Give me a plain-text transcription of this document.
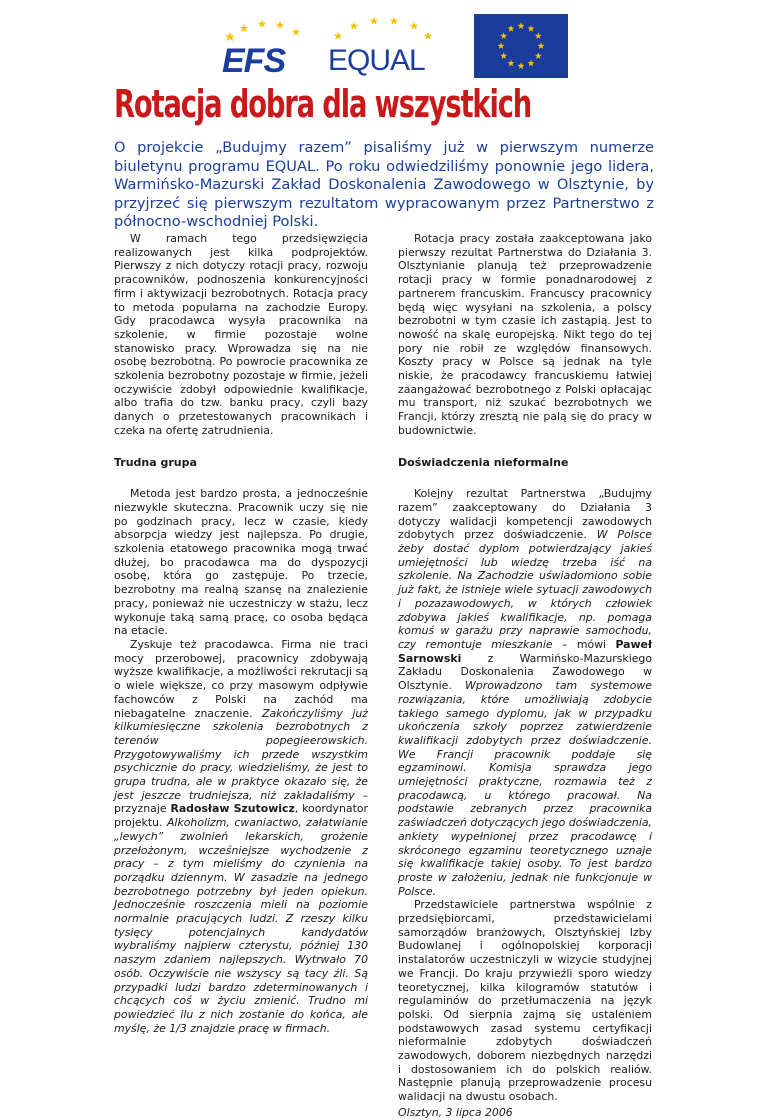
EFS EQUAL
Rotacja dobra dla wszystkich

O projekcie „Budujmy razem” pisaliśmy już w pierwszym numerze biuletynu programu EQUAL. Po roku odwiedziliśmy ponownie jego lidera, Warmińsko-Mazurski Zakład Doskonalenia Zawodowego w Olsztynie, by przyjrzeć się pierwszym rezultatom wypracowanym przez Partnerstwo z północno-wschodniej Polski.

W ramach tego przedsięwzięcia realizowanych jest kilka podprojektów. Pierwszy z nich dotyczy rotacji pracy, rozwoju pracowników, podnoszenia konkurencyjności firm i aktywizacji bezrobotnych. Rotacja pracy to metoda popularna na zachodzie Europy. Gdy pracodawca wysyła pracownika na szkolenie, w firmie pozostaje wolne stanowisko pracy. Wprowadza się na nie osobę bezrobotną. Po powrocie pracownika ze szkolenia bezrobotny pozostaje w firmie, jeżeli oczywiście zdobył odpowiednie kwalifikacje, albo trafia do tzw. banku pracy, czyli bazy danych o przetestowanych pracownikach i czeka na ofertę zatrudnienia.

Trudna grupa

Metoda jest bardzo prosta, a jednocześnie niezwykle skuteczna. Pracownik uczy się nie po godzinach pracy, lecz w czasie, kiedy absorpcja wiedzy jest najlepsza. Po drugie, szkolenia etatowego pracownika mogą trwać dłużej, bo pracodawca ma do dyspozycji osobę, która go zastępuje. Po trzecie, bezrobotny ma realną szansę na znalezienie pracy, ponieważ nie uczestniczy w stażu, lecz wykonuje taką samą pracę, co osoba będąca na etacie.

Zyskuje też pracodawca. Firma nie traci mocy przerobowej, pracownicy zdobywają wyższe kwalifikacje, a możliwości rekrutacji są o wiele większe, co przy masowym odpływie fachowców z Polski na zachód ma niebagatelne znaczenie. Zakończyliśmy już kilkumiesięczne szkolenia bezrobotnych z terenów popegieerowskich. Przygotowywaliśmy ich przede wszystkim psychicznie do pracy, wiedzieliśmy, że jest to grupa trudna, ale w praktyce okazało się, że jest jeszcze trudniejsza, niż zakładaliśmy – przyznaje Radosław Szutowicz, koordynator projektu. Alkoholizm, cwaniactwo, załatwianie „lewych” zwolnień lekarskich, grożenie przełożonym, wcześniejsze wychodzenie z pracy – z tym mieliśmy do czynienia na porządku dziennym. W zasadzie na jednego bezrobotnego potrzebny był jeden opiekun. Jednocześnie roszczenia mieli na poziomie normalnie pracujących ludzi. Z rzeszy kilku tysięcy potencjalnych kandydatów wybraliśmy najpierw czterystu, później 130 naszym zdaniem najlepszych. Wytrwało 70 osób. Oczywiście nie wszyscy są tacy źli. Są przypadki ludzi bardzo zdeterminowanych i chcących coś w życiu zmienić. Trudno mi powiedzieć ilu z nich zostanie do końca, ale myślę, że 1/3 znajdzie pracę w firmach.

Rotacja pracy została zaakceptowana jako pierwszy rezultat Partnerstwa do Działania 3. Olsztynianie planują też przeprowadzenie rotacji pracy w formie ponadnarodowej z partnerem francuskim. Francuscy pracownicy będą więc wysyłani na szkolenia, a polscy bezrobotni w tym czasie ich zastąpią. Jest to nowość na skalę europejską. Nikt tego do tej pory nie robił ze względów finansowych. Koszty pracy w Polsce są jednak na tyle niskie, że pracodawcy francuskiemu łatwiej zaangażować bezrobotnego z Polski opłacając mu transport, niż szukać bezrobotnych we Francji, którzy zresztą nie palą się do pracy w budownictwie.

Doświadczenia nieformalne

Kolejny rezultat Partnerstwa „Budujmy razem” zaakceptowany do Działania 3 dotyczy walidacji kompetencji zawodowych zdobytych przez doświadczenie. W Polsce żeby dostać dyplom potwierdzający jakieś umiejętności lub wiedzę trzeba iść na szkolenie. Na Zachodzie uświadomiono sobie już fakt, że istnieje wiele sytuacji zawodowych i pozazawodowych, w których człowiek zdobywa jakieś kwalifikacje, np. pomaga komuś w garażu przy naprawie samochodu, czy remontuje mieszkanie – mówi Paweł Sarnowski z Warmińsko-Mazurskiego Zakładu Doskonalenia Zawodowego w Olsztynie. Wprowadzono tam systemowe rozwiązania, które umożliwiają zdobycie takiego samego dyplomu, jak w przypadku ukończenia szkoły poprzez zatwierdzenie kwalifikacji zdobytych przez doświadczenie. We Francji pracownik poddaje się egzaminowi. Komisja sprawdza jego umiejętności praktyczne, rozmawia też z pracodawcą, u którego pracował. Na podstawie zebranych przez pracownika zaświadczeń dotyczących jego doświadczenia, ankiety wypełnionej przez pracodawcę i skróconego egzaminu teoretycznego uznaje się kwalifikacje takiej osoby. To jest bardzo proste w założeniu, jednak nie funkcjonuje w Polsce.

Przedstawiciele partnerstwa wspólnie z przedsiębiorcami, przedstawicielami samorządów branżowych, Olsztyńskiej Izby Budowlanej i ogólnopolskiej korporacji instalatorów uczestniczyli w wizycie studyjnej we Francji. Do kraju przywieźli sporo wiedzy teoretycznej, kilka kilogramów statutów i regulaminów do przetłumaczenia na język polski. Od sierpnia zajmą się ustaleniem podstawowych zasad systemu certyfikacji nieformalnie zdobytych doświadczeń zawodowych, doborem niezbędnych narzędzi i dostosowaniem ich do polskich realiów. Następnie planują przeprowadzenie procesu walidacji na dwustu osobach.

Olsztyn, 3 lipca 2006
